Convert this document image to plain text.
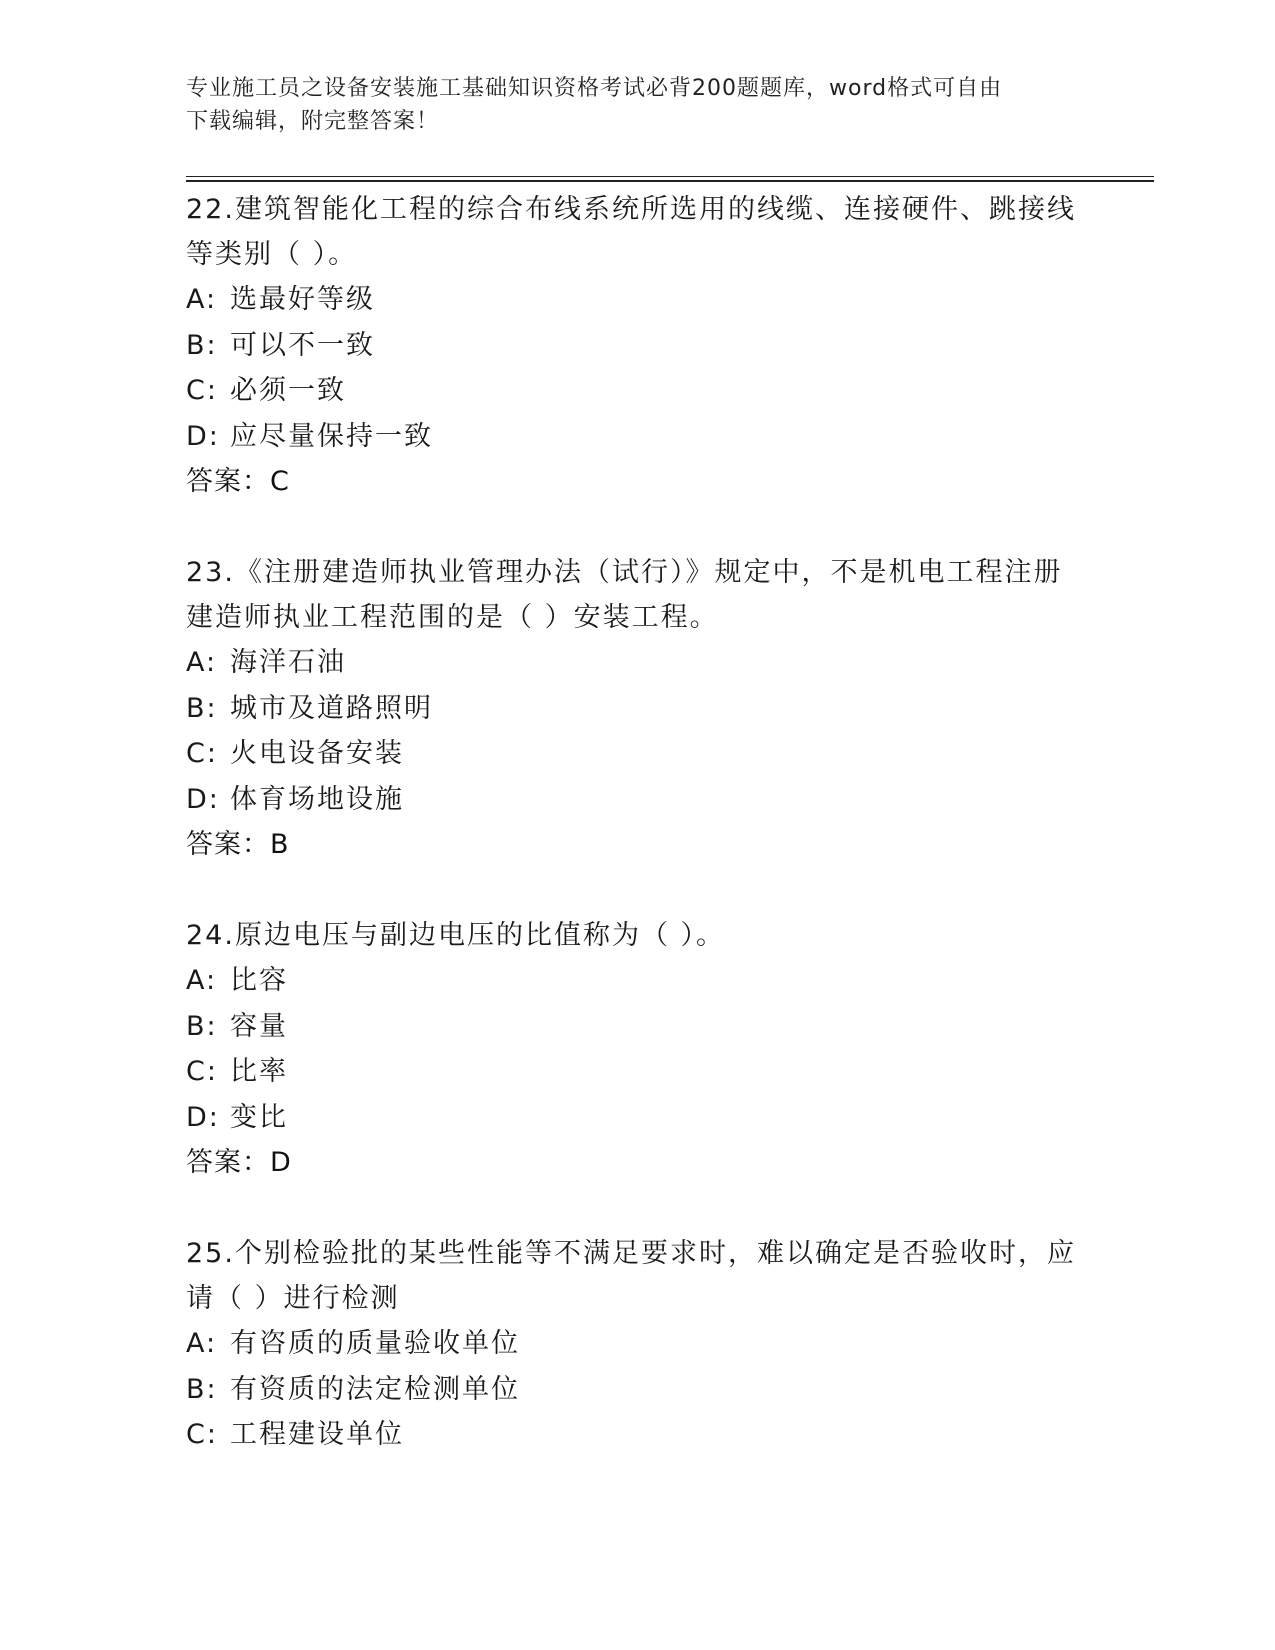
专业施工员之设备安装施工基础知识资格考试必背200题题库，word格式可自由
下载编辑，附完整答案！

22.建筑智能化工程的综合布线系统所选用的线缆、连接硬件、跳接线

等类别（ ）。

A: 选最好等级

B: 可以不一致

C: 必须一致

D: 应尽量保持一致

答案：C

23.《注册建造师执业管理办法（试行）》规定中，不是机电工程注册

建造师执业工程范围的是（ ）安装工程。

A: 海洋石油

B: 城市及道路照明

C: 火电设备安装

D: 体育场地设施

答案：B

24.原边电压与副边电压的比值称为（ ）。

A: 比容

B: 容量

C: 比率

D: 变比

答案：D

25.个别检验批的某些性能等不满足要求时，难以确定是否验收时，应

请（ ）进行检测

A: 有咨质的质量验收单位

B: 有资质的法定检测单位

C: 工程建设单位
